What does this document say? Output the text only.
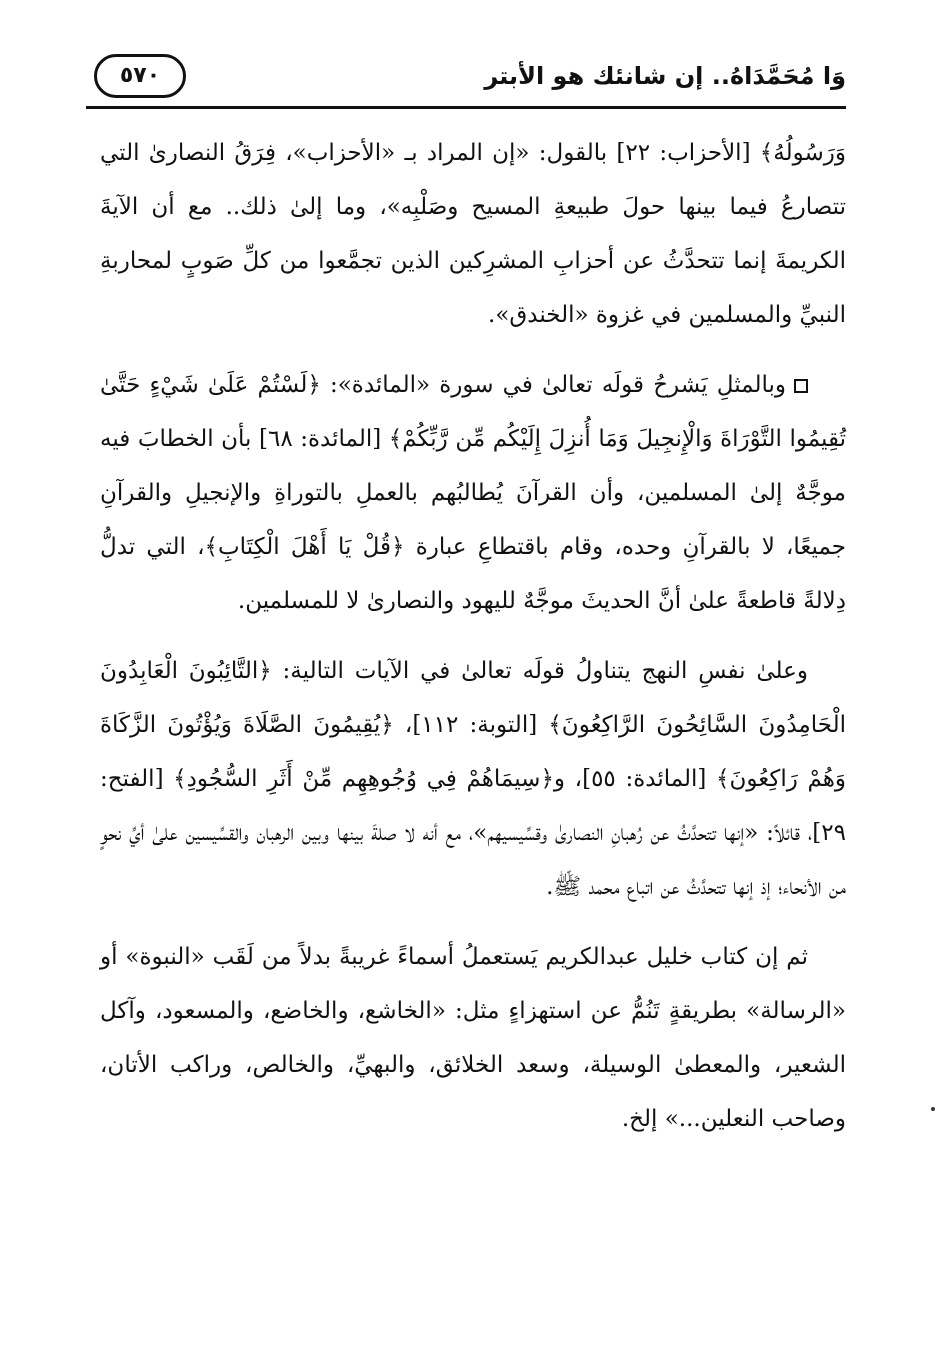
وَا مُحَمَّدَاهُ.. إن شانئك هو الأبتر
٥٧٠

وَرَسُولُهُ﴾ [الأحزاب: ٢٢] بالقول: «إن المراد بـ «الأحزاب»، فِرَقُ النصارىٰ التي تتصارعُ فيما بينها حولَ طبيعةِ المسيح وصَلْبِه»، وما إلىٰ ذلك.. مع أن الآيةَ الكريمةَ إنما تتحدَّثُ عن أحزابِ المشرِكين الذين تجمَّعوا من كلِّ صَوبٍ لمحاربةِ النبيِّ والمسلمين في غزوة «الخندق».

وبالمثلِ يَشرحُ قولَه تعالىٰ في سورة «المائدة»: ﴿لَسْتُمْ عَلَىٰ شَيْءٍ حَتَّىٰ تُقِيمُوا التَّوْرَاةَ وَالْإِنجِيلَ وَمَا أُنزِلَ إِلَيْكُم مِّن رَّبِّكُمْ﴾ [المائدة: ٦٨] بأن الخطابَ فيه موجَّهٌ إلىٰ المسلمين، وأن القرآنَ يُطالبُهم بالعملِ بالتوراةِ والإنجيلِ والقرآنِ جميعًا، لا بالقرآنِ وحده، وقام باقتطاعِ عبارة ﴿قُلْ يَا أَهْلَ الْكِتَابِ﴾، التي تدلُّ دِلالةً قاطعةً علىٰ أنَّ الحديثَ موجَّهٌ لليهود والنصارىٰ لا للمسلمين.

وعلىٰ نفسِ النهج يتناولُ قولَه تعالىٰ في الآيات التالية: ﴿التَّائِبُونَ الْعَابِدُونَ الْحَامِدُونَ السَّائِحُونَ الرَّاكِعُونَ﴾ [التوبة: ١١٢]، ﴿يُقِيمُونَ الصَّلَاةَ وَيُؤْتُونَ الزَّكَاةَ وَهُمْ رَاكِعُونَ﴾ [المائدة: ٥٥]، و﴿سِيمَاهُمْ فِي وُجُوهِهِم مِّنْ أَثَرِ السُّجُودِ﴾ [الفتح: ٢٩]، قائلاً: «إنها تتحدَّثُ عن رُهبانِ النصارىٰ وقسِّيسيهم»، مع أنه لا صلةَ بينها وبين الرهبان والقسِّيسين علىٰ أيِّ نحوٍ من الأنحاء؛ إذ إنها تتحدَّثُ عن اتباع محمد ﷺ.

ثم إن كتاب خليل عبدالكريم يَستعملُ أسماءً غريبةً بدلاً من لَقَب «النبوة» أو «الرسالة» بطريقةٍ تَنُمُّ عن استهزاءٍ مثل: «الخاشع، والخاضع، والمسعود، وآكل الشعير، والمعطىٰ الوسيلة، وسعد الخلائق، والبهيِّ، والخالص، وراكب الأتان، وصاحب النعلين...» إلخ.
